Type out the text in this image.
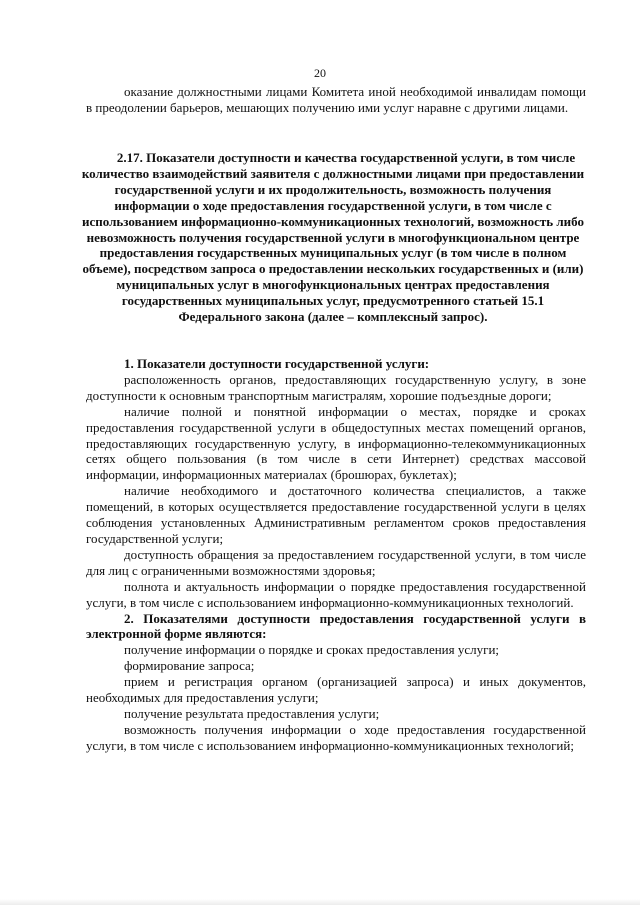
20

оказание должностными лицами Комитета иной необходимой инвалидам помощи в преодолении барьеров, мешающих получению ими услуг наравне с другими лицами.

2.17. Показатели доступности и качества государственной услуги, в том числе количество взаимодействий заявителя с должностными лицами при предоставлении государственной услуги и их продолжительность, возможность получения информации о ходе предоставления государственной услуги, в том числе с использованием информационно-коммуникационных технологий, возможность либо невозможность получения государственной услуги в многофункциональном центре предоставления государственных муниципальных услуг (в том числе в полном объеме), посредством запроса о предоставлении нескольких государственных и (или) муниципальных услуг в многофункциональных центрах предоставления государственных муниципальных услуг, предусмотренного статьей 15.1 Федерального закона (далее – комплексный запрос).

1. Показатели доступности государственной услуги:

расположенность органов, предоставляющих государственную услугу, в зоне доступности к основным транспортным магистралям, хорошие подъездные дороги;

наличие полной и понятной информации о местах, порядке и сроках предоставления государственной услуги в общедоступных местах помещений органов, предоставляющих государственную услугу, в информационно-телекоммуникационных сетях общего пользования (в том числе в сети Интернет) средствах массовой информации, информационных материалах (брошюрах, буклетах);

наличие необходимого и достаточного количества специалистов, а также помещений, в которых осуществляется предоставление государственной услуги в целях соблюдения установленных Административным регламентом сроков предоставления государственной услуги;

доступность обращения за предоставлением государственной услуги, в том числе для лиц с ограниченными возможностями здоровья;

полнота и актуальность информации о порядке предоставления государственной услуги, в том числе с использованием информационно-коммуникационных технологий.

2. Показателями доступности предоставления государственной услуги в электронной форме являются:

получение информации о порядке и сроках предоставления услуги;

формирование запроса;

прием и регистрация органом (организацией запроса) и иных документов, необходимых для предоставления услуги;

получение результата предоставления услуги;

возможность получения информации о ходе предоставления государственной услуги, в том числе с использованием информационно-коммуникационных технологий;
